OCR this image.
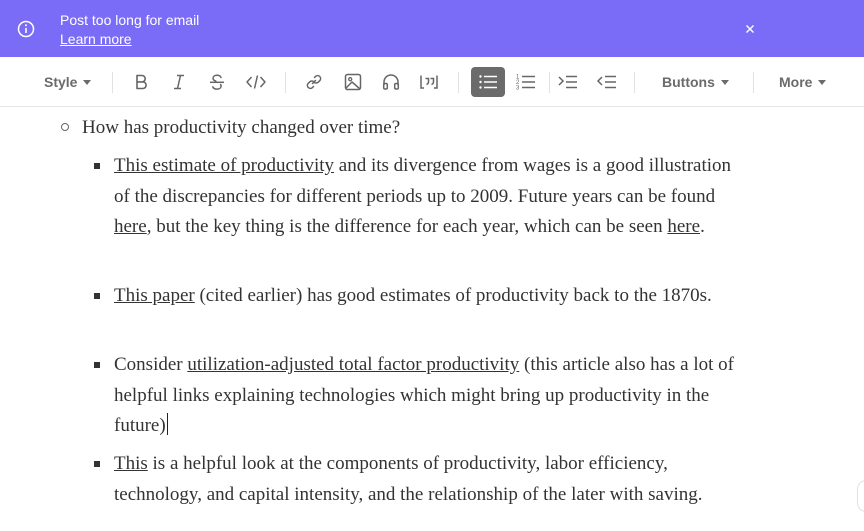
Post too long for email
Learn more
Style	1
2
3	Buttons	More
How has productivity changed over time?
This estimate of productivity and its divergence from wages is a good illustration of the discrepancies for different periods up to 2009. Future years can be found here, but the key thing is the difference for each year, which can be seen here.
This paper (cited earlier) has good estimates of productivity back to the 1870s.
Consider utilization-adjusted total factor productivity (this article also has a lot of helpful links explaining technologies which might bring up productivity in the future)
This is a helpful look at the components of productivity, labor efficiency, technology, and capital intensity, and the relationship of the later with saving.
